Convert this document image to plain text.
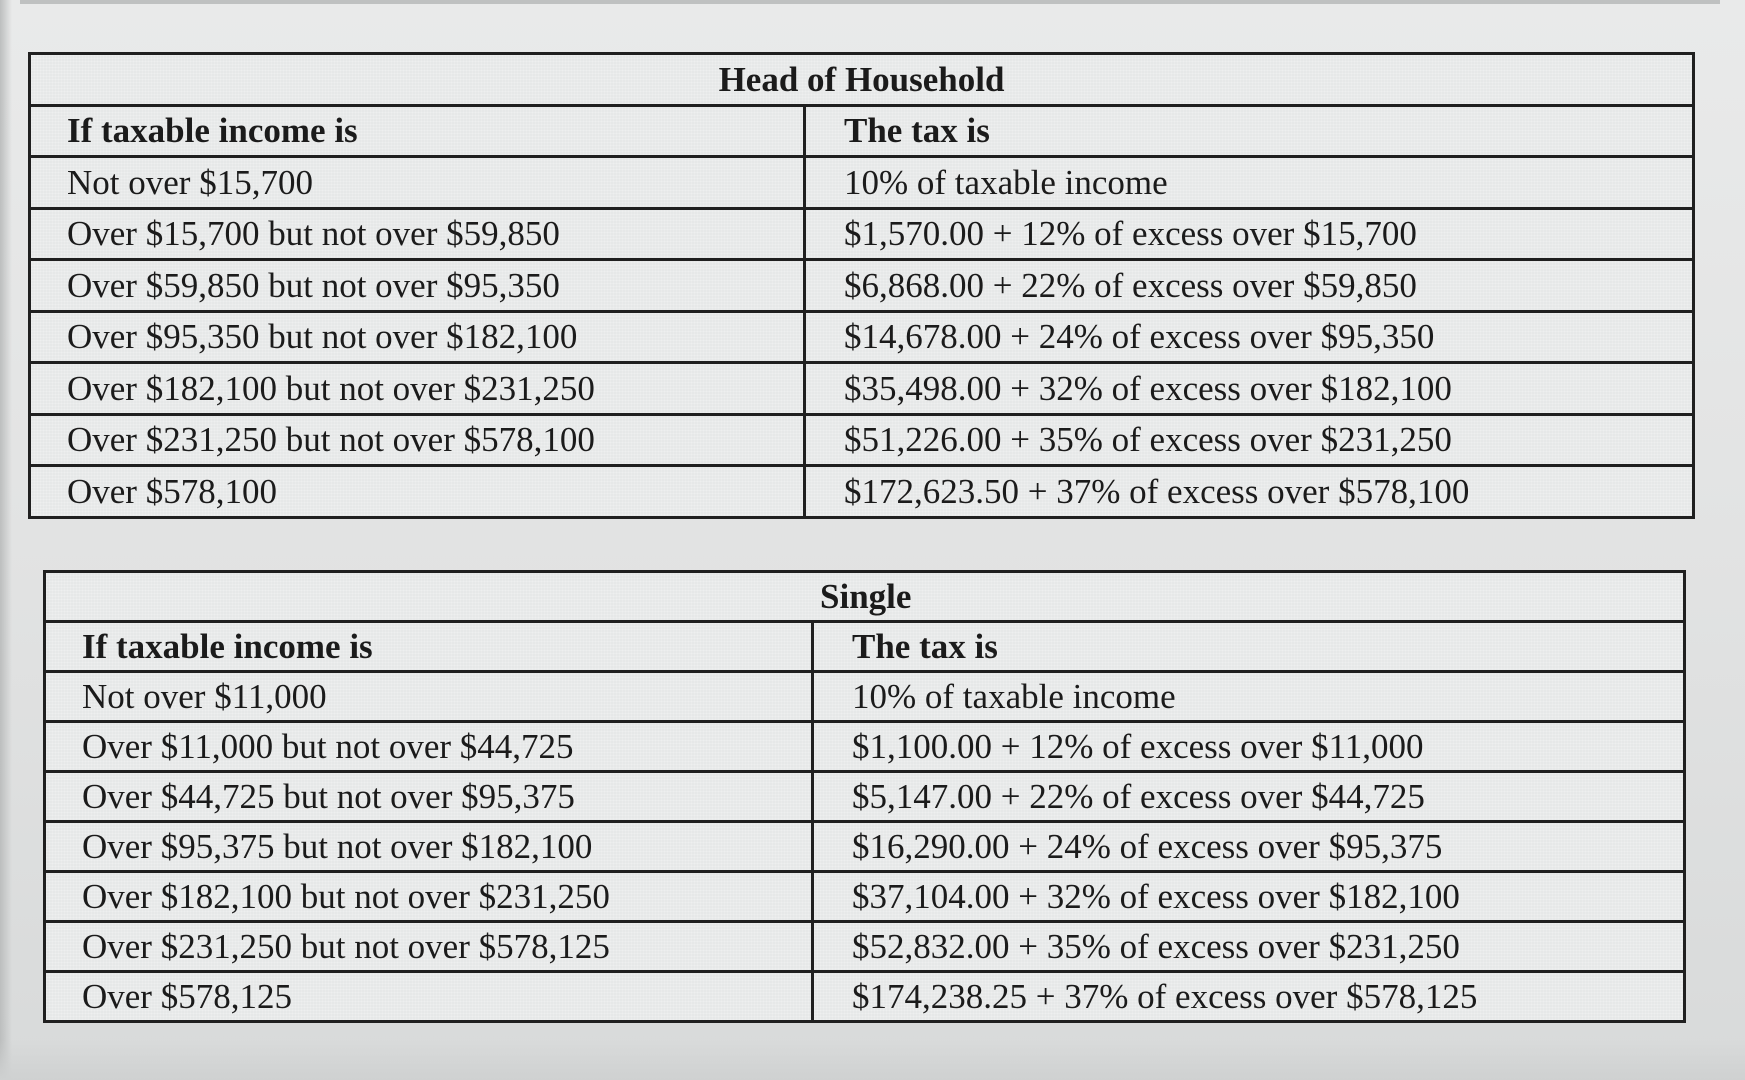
Head of Household	
If taxable income is	The tax is
Not over $15,700	10% of taxable income
Over $15,700 but not over $59,850	$1,570.00 + 12% of excess over $15,700
Over $59,850 but not over $95,350	$6,868.00 + 22% of excess over $59,850
Over $95,350 but not over $182,100	$14,678.00 + 24% of excess over $95,350
Over $182,100 but not over $231,250	$35,498.00 + 32% of excess over $182,100
Over $231,250 but not over $578,100	$51,226.00 + 35% of excess over $231,250
Over $578,100	$172,623.50 + 37% of excess over $578,100
Single	
If taxable income is	The tax is
Not over $11,000	10% of taxable income
Over $11,000 but not over $44,725	$1,100.00 + 12% of excess over $11,000
Over $44,725 but not over $95,375	$5,147.00 + 22% of excess over $44,725
Over $95,375 but not over $182,100	$16,290.00 + 24% of excess over $95,375
Over $182,100 but not over $231,250	$37,104.00 + 32% of excess over $182,100
Over $231,250 but not over $578,125	$52,832.00 + 35% of excess over $231,250
Over $578,125	$174,238.25 + 37% of excess over $578,125
